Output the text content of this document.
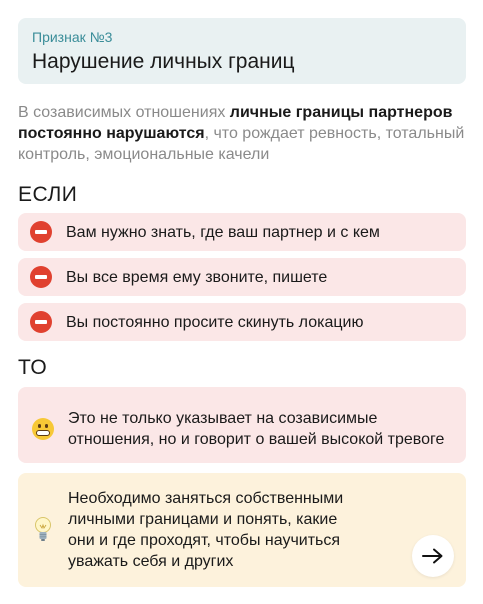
Признак №3
Нарушение личных границ

В созависимых отношениях личные границы партнеров постоянно нарушаются, что рождает ревность, тотальный контроль, эмоциональные качели

ЕСЛИ
Вам нужно знать, где ваш партнер и с кем
Вы все время ему звоните, пишете
Вы постоянно просите скинуть локацию
ТО
Это не только указывает на созависимые отношения, но и говорит о вашей высокой тревоге
Необходимо заняться собственными личными границами и понять, какие они и где проходят, чтобы научиться уважать себя и других
